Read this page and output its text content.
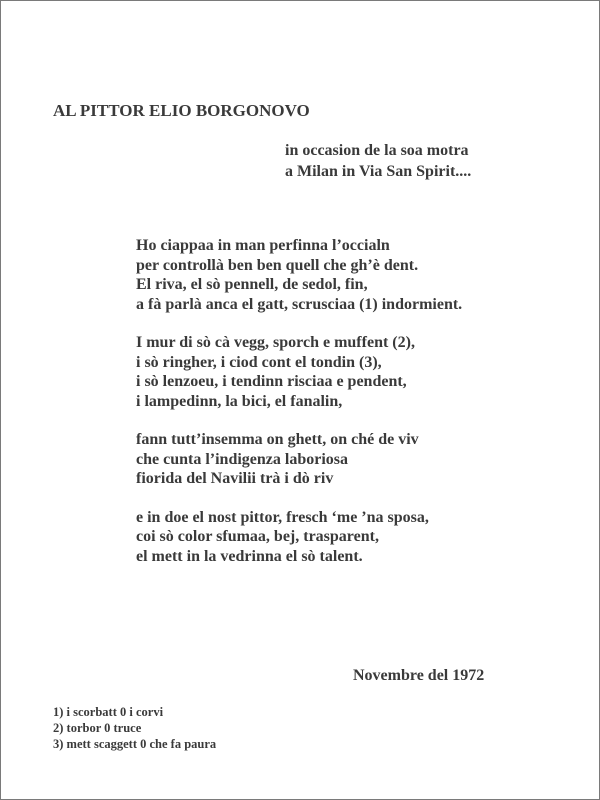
AL PITTOR ELIO BORGONOVO
in occasion de la soa motra
a Milan in Via San Spirit....
Ho ciappaa in man perfinna l’occialn
per controllà ben ben quell che gh’è dent.
El riva, el sò pennell, de sedol, fin,
a fà parlà anca el gatt, scrusciaa (1) indormient.
I mur di sò cà vegg, sporch e muffent (2),
i sò ringher, i ciod cont el tondin (3),
i sò lenzoeu, i tendinn risciaa e pendent,
i lampedinn, la bici, el fanalin,
fann tutt’insemma on ghett, on ché de viv
che cunta l’indigenza laboriosa
fiorida del Navilii trà i dò riv
e in doe el nost pittor, fresch ‘me ’na sposa,
coi sò color sfumaa, bej, trasparent,
el mett in la vedrinna el sò talent.
Novembre del 1972
1) i scorbatt 0 i corvi
2) torbor 0 truce
3) mett scaggett 0 che fa paura
